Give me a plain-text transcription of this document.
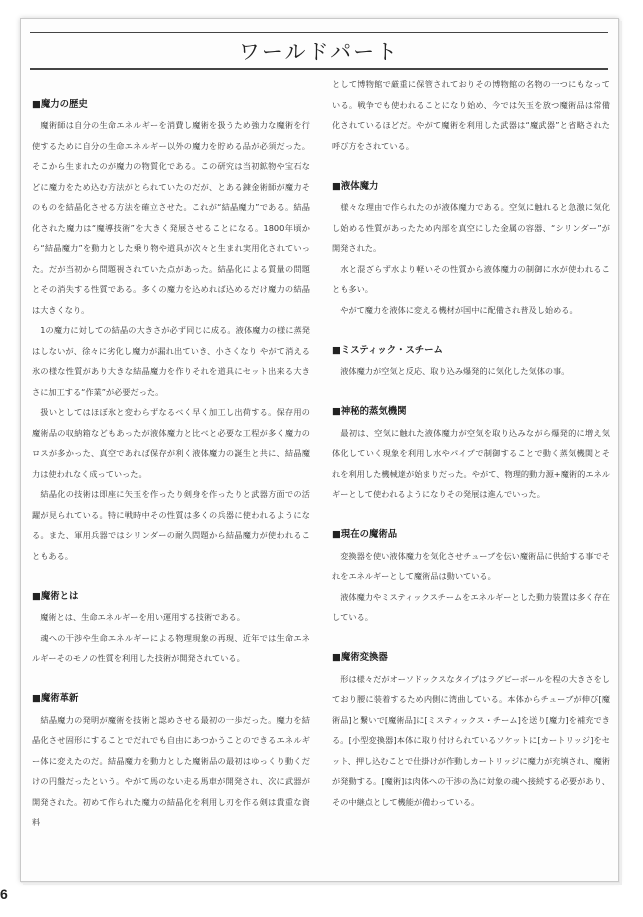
ワールドパート

■魔力の歴史

　魔術師は自分の生命エネルギーを消費し魔術を扱うため強力な魔術を行使するために自分の生命エネルギー以外の魔力を貯める品が必須だった。そこから生まれたのが魔力の物質化である。この研究は当初鉱物や宝石などに魔力をため込む方法がとられていたのだが、とある錬金術師が魔力そのものを結晶化させる方法を確立させた。これが“結晶魔力”である。結晶化された魔力は“魔導技術”を大きく発展させることになる。1800年頃から“結晶魔力”を動力とした乗り物や道具が次々と生まれ実用化されていった。だが当初から問題視されていた点があった。結晶化による質量の問題とその消失する性質である。多くの魔力を込めれば込めるだけ魔力の結晶は大きくなり。

　1の魔力に対しての結晶の大きさが必ず同じに成る。液体魔力の様に蒸発はしないが、徐々に劣化し魔力が漏れ出ていき、小さくなり やがて消える氷の様な性質があり大きな結晶魔力を作りそれを道具にセット出来る大きさに加工する“作業”が必要だった。

　扱いとしてはほぼ氷と変わらずなるべく早く加工し出荷する。保存用の魔術品の収納箱などもあったが液体魔力と比べと必要な工程が多く魔力のロスが多かった、真空であれば保存が利く液体魔力の誕生と共に、結晶魔力は使われなく成っていった。

　結晶化の技術は即座に矢玉を作ったり剣身を作ったりと武器方面での活躍が見られている。特に戦時中その性質は多くの兵器に使われるようになる。また、軍用兵器ではシリンダーの耐久問題から結晶魔力が使われることもある。

■魔術とは

　魔術とは、生命エネルギーを用い運用する技術である。

　魂への干渉や生命エネルギーによる物理現象の再現、近年では生命エネルギーそのモノの性質を利用した技術が開発されている。

■魔術革新

　結晶魔力の発明が魔術を技術と認めさせる最初の一歩だった。魔力を結晶化させ固形にすることでだれでも自由にあつかうことのできるエネルギー体に変えたのだ。結晶魔力を動力とした魔術品の最初はゆっくり動くだけの円盤だったという。やがて馬のない走る馬車が開発され、次に武器が開発された。初めて作られた魔力の結晶化を利用し刃を作る剣は貴重な資料

として博物館で厳重に保管されておりその博物館の名物の一つにもなっている。戦争でも使われることになり始め、今では矢玉を放つ魔術品は常備化されているほどだ。やがて魔術を利用した武器は“魔武器”と省略された呼び方をされている。

■液体魔力

　様々な理由で作られたのが液体魔力である。空気に触れると急激に気化し始める性質があったため内部を真空にした金属の容器、“シリンダー”が開発された。

　水と混ざらず水より軽いその性質から液体魔力の制御に水が使われることも多い。

　やがて魔力を液体に変える機材が国中に配備され普及し始める。

■ミスティック・スチーム

　液体魔力が空気と反応、取り込み爆発的に気化した気体の事。

■神秘的蒸気機関

　最初は、空気に触れた液体魔力が空気を取り込みながら爆発的に増え気体化していく現象を利用し水やパイプで制御することで動く蒸気機関とそれを利用した機械達が始まりだった。やがて、物理的動力源+魔術的エネルギーとして使われるようになりその発展は進んでいった。

■現在の魔術品

　変換器を使い液体魔力を気化させチューブを伝い魔術品に供給する事でそれをエネルギーとして魔術品は動いている。

　液体魔力やミスティックスチームをエネルギーとした動力装置は多く存在している。

■魔術変換器

　形は様々だがオーソドックスなタイプはラグビーボールを程の大きさをしており腰に装着するため内側に湾曲している。本体からチューブが伸び[魔術品]と繋いで[魔術品]に[ミスティックス・チーム]を送り[魔力]を補充できる。[小型変換器]本体に取り付けられているソケットに[カートリッジ]をセット、押し込むことで仕掛けが作動しカートリッジに魔力が充填され、魔術が発動する。[魔術]は肉体への干渉の為に対象の魂へ接続する必要があり、その中継点として機能が備わっている。

6
